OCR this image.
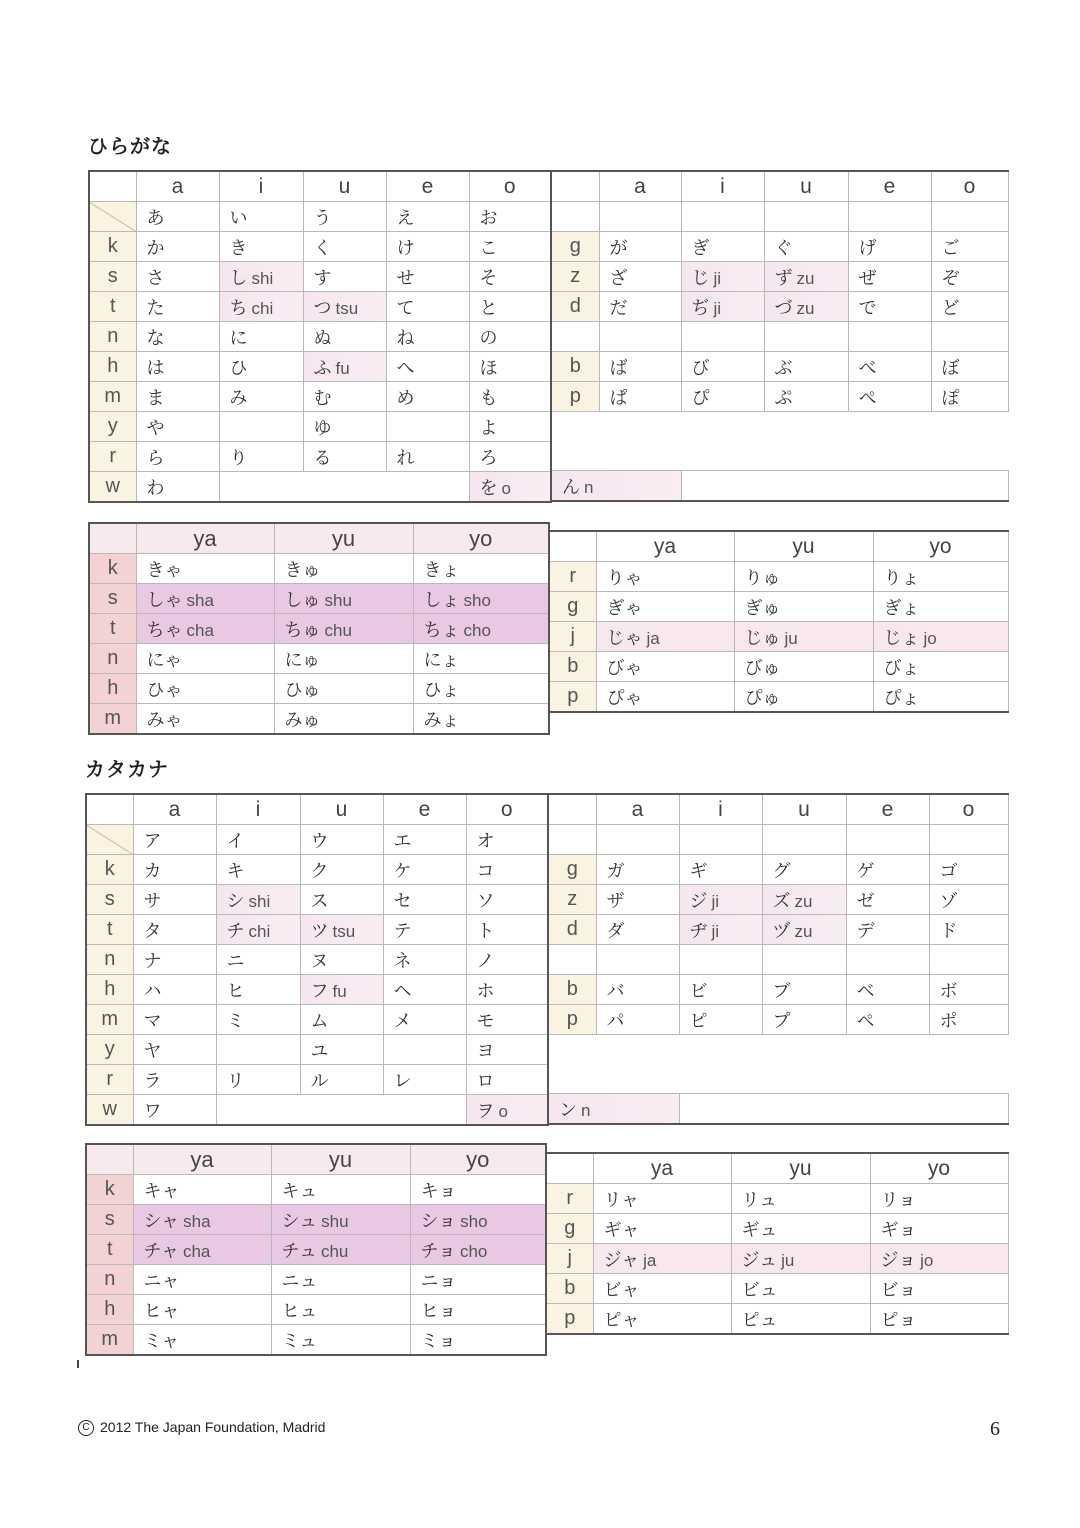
ひらがな
	a	i	u	e	o
	あ	い	う	え	お
k	か	き	く	け	こ
s	さ	し shi	す	せ	そ
t	た	ち chi	つ tsu	て	と
n	な	に	ぬ	ね	の
h	は	ひ	ふ fu	へ	ほ
m	ま	み	む	め	も
y	や		ゆ		よ
r	ら	り	る	れ	ろ
w	わ				を o
	a	i	u	e	o

g	が	ぎ	ぐ	げ	ご
z	ざ	じ ji	ず zu	ぜ	ぞ
d	だ	ぢ ji	づ zu	で	ど

b	ば	び	ぶ	べ	ぼ
p	ぱ	ぴ	ぷ	ぺ	ぽ

ん n					
	ya	yu	yo
k	きゃ	きゅ	きょ
s	しゃ sha	しゅ shu	しょ sho
t	ちゃ cha	ちゅ chu	ちょ cho
n	にゃ	にゅ	にょ
h	ひゃ	ひゅ	ひょ
m	みゃ	みゅ	みょ
	ya	yu	yo
r	りゃ	りゅ	りょ
g	ぎゃ	ぎゅ	ぎょ
j	じゃ ja	じゅ ju	じょ jo
b	びゃ	びゅ	びょ
p	ぴゃ	ぴゅ	ぴょ
カタカナ
	a	i	u	e	o
	ア	イ	ウ	エ	オ
k	カ	キ	ク	ケ	コ
s	サ	シ shi	ス	セ	ソ
t	タ	チ chi	ツ tsu	テ	ト
n	ナ	ニ	ヌ	ネ	ノ
h	ハ	ヒ	フ fu	ヘ	ホ
m	マ	ミ	ム	メ	モ
y	ヤ		ユ		ヨ
r	ラ	リ	ル	レ	ロ
w	ワ				ヲ o
	a	i	u	e	o

g	ガ	ギ	グ	ゲ	ゴ
z	ザ	ジ ji	ズ zu	ゼ	ゾ
d	ダ	ヂ ji	ヅ zu	デ	ド

b	バ	ビ	ブ	ベ	ボ
p	パ	ピ	プ	ペ	ポ

ン n					
	ya	yu	yo
k	キャ	キュ	キョ
s	シャ sha	シュ shu	ショ sho
t	チャ cha	チュ chu	チョ cho
n	ニャ	ニュ	ニョ
h	ヒャ	ヒュ	ヒョ
m	ミャ	ミュ	ミョ
	ya	yu	yo
r	リャ	リュ	リョ
g	ギャ	ギュ	ギョ
j	ジャ ja	ジュ ju	ジョ jo
b	ビャ	ビュ	ビョ
p	ピャ	ピュ	ピョ
C 2012 The Japan Foundation, Madrid	6
